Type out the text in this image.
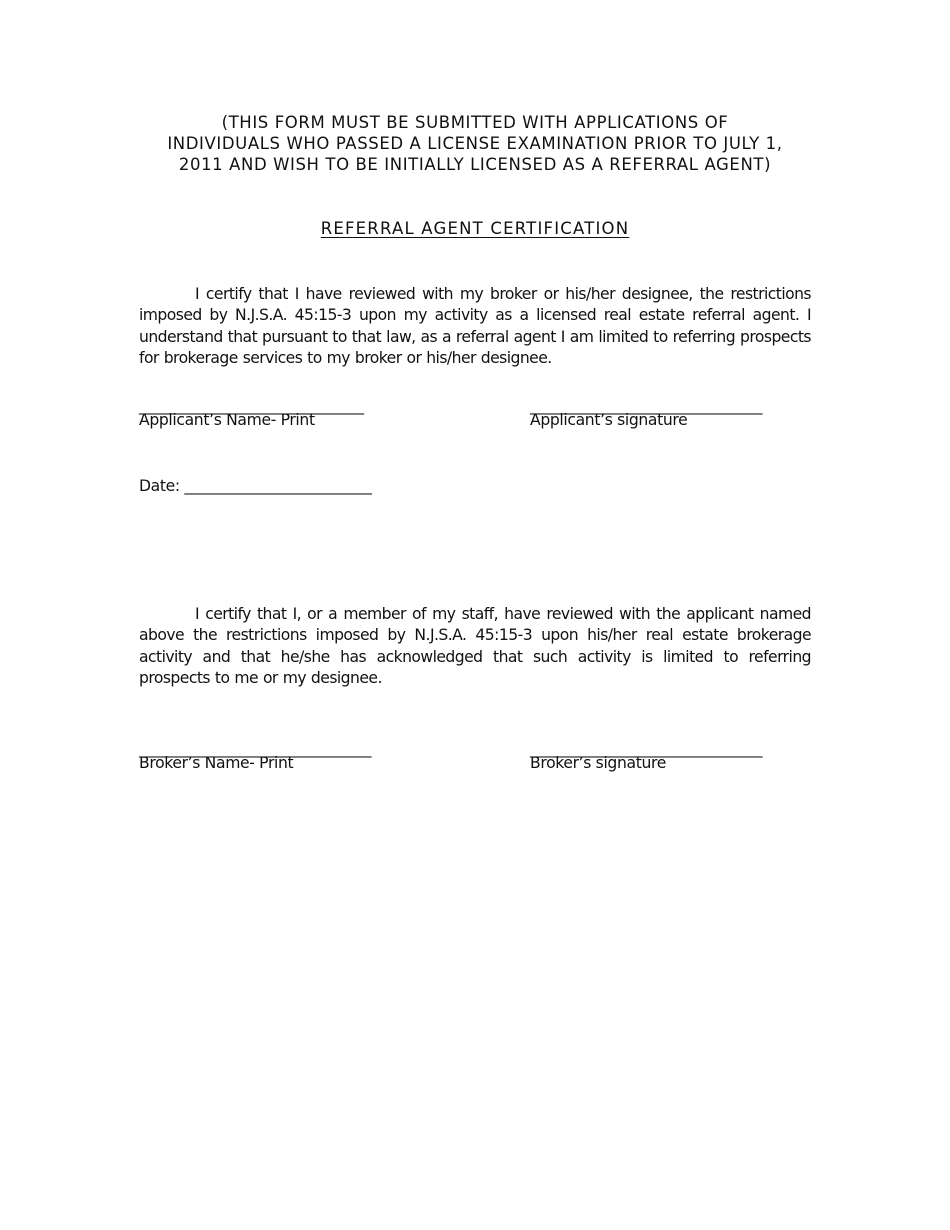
(THIS FORM MUST BE SUBMITTED WITH APPLICATIONS OF
INDIVIDUALS WHO PASSED A LICENSE EXAMINATION PRIOR TO JULY 1,
2011 AND WISH TO BE INITIALLY LICENSED AS A REFERRAL AGENT)
REFERRAL AGENT CERTIFICATION

I certify that I have reviewed with my broker or his/her designee, the restrictions imposed by N.J.S.A. 45:15-3 upon my activity as a licensed real estate referral agent. I understand that pursuant to that law, as a referral agent I am limited to referring prospects for brokerage services to my broker or his/her designee.

______________________________
Applicant’s Name- Print
_______________________________
Applicant’s signature
Date: _________________________

I certify that I, or a member of my staff, have reviewed with the applicant named above the restrictions imposed by N.J.S.A. 45:15-3 upon his/her real estate brokerage activity and that he/she has acknowledged that such activity is limited to referring prospects to me or my designee.

_______________________________
Broker’s Name- Print
_______________________________
Broker’s signature
